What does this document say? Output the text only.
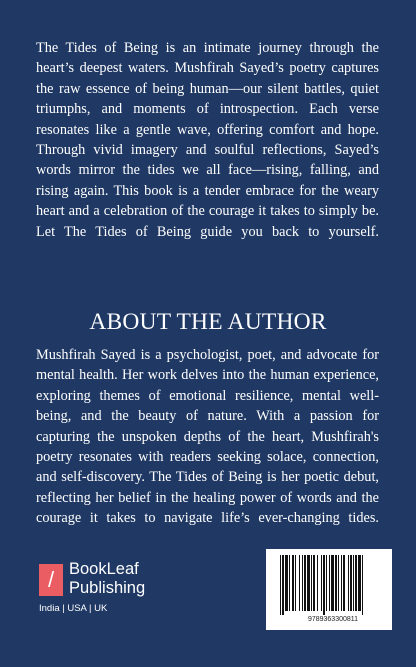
The Tides of Being is an intimate journey through the heart’s deepest waters. Mushfirah Sayed’s poetry captures the raw essence of being human—our silent battles, quiet triumphs, and moments of introspection. Each verse resonates like a gentle wave, offering comfort and hope. Through vivid imagery and soulful reflections, Sayed’s words mirror the tides we all face—rising, falling, and rising again. This book is a tender embrace for the weary heart and a celebration of the courage it takes to simply be. Let The Tides of Being guide you back to yourself.

ABOUT THE AUTHOR

Mushfirah Sayed is a psychologist, poet, and advocate for mental health. Her work delves into the human experience, exploring themes of emotional resilience, mental well-being, and the beauty of nature. With a passion for capturing the unspoken depths of the heart, Mushfirah's poetry resonates with readers seeking solace, connection, and self-discovery. The Tides of Being is her poetic debut, reflecting her belief in the healing power of words and the courage it takes to navigate life’s ever-changing tides.

/ BookLeaf
Publishing
India | USA | UK
9789363300811
